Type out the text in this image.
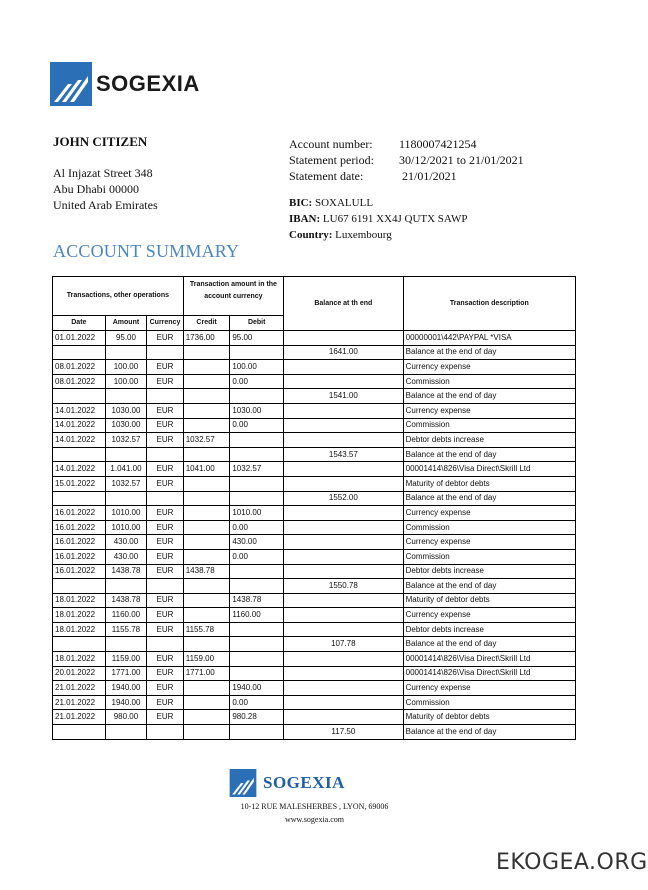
SOGEXIA
JOHN CITIZEN
Al Injazat Street 348
Abu Dhabi 00000
United Arab Emirates
Account number:	1180007421254
Statement period:	30/12/2021 to 21/01/2021
Statement date:	21/01/2021
BIC: SOXALULL
IBAN: LU67 6191 XX4J QUTX SAWP
Country: Luxembourg
ACCOUNT SUMMARY
Transactions, other operations			Transaction amount in the account currency		Balance at th end	Transaction description
Date	Amount	Currency	Credit	Debit		
01.01.2022	95.00	EUR	1736.00	95.00		00000001\442\PAYPAL *VISA
					1641.00	Balance at the end of day
08.01.2022	100.00	EUR		100.00		Currency expense
08.01.2022	100.00	EUR		0.00		Commission
					1541.00	Balance at the end of day
14.01.2022	1030.00	EUR		1030.00		Currency expense
14.01.2022	1030.00	EUR		0.00		Commission
14.01.2022	1032.57	EUR	1032.57			Debtor debts increase
					1543.57	Balance at the end of day
14.01.2022	1.041.00	EUR	1041.00	1032.57		00001414\826\Visa Direct\Skrill Ltd
15.01.2022	1032.57	EUR				Maturity of debtor debts
					1552.00	Balance at the end of day
16.01.2022	1010.00	EUR		1010.00		Currency expense
16.01.2022	1010.00	EUR		0.00		Commission
16.01.2022	430.00	EUR		430.00		Currency expense
16.01.2022	430.00	EUR		0.00		Commission
16.01.2022	1438.78	EUR	1438.78			Debtor debts increase
					1550.78	Balance at the end of day
18.01.2022	1438.78	EUR		1438.78		Maturity of debtor debts
18.01.2022	1160.00	EUR		1160.00		Currency expense
18.01.2022	1155.78	EUR	1155.78			Debtor debts increase
					107.78	Balance at the end of day
18.01.2022	1159.00	EUR	1159.00			00001414\826\Visa Direct\Skrill Ltd
20.01.2022	1771.00	EUR	1771.00			00001414\826\Visa Direct\Skrill Ltd
21.01.2022	1940.00	EUR		1940.00		Currency expense
21.01.2022	1940.00	EUR		0.00		Commission
21.01.2022	980.00	EUR		980.28		Maturity of debtor debts
					117.50	Balance at the end of day
SOGEXIA
10-12 RUE MALESHERBES , LYON, 69006
www.sogexia.com
EKOGEA.ORG
